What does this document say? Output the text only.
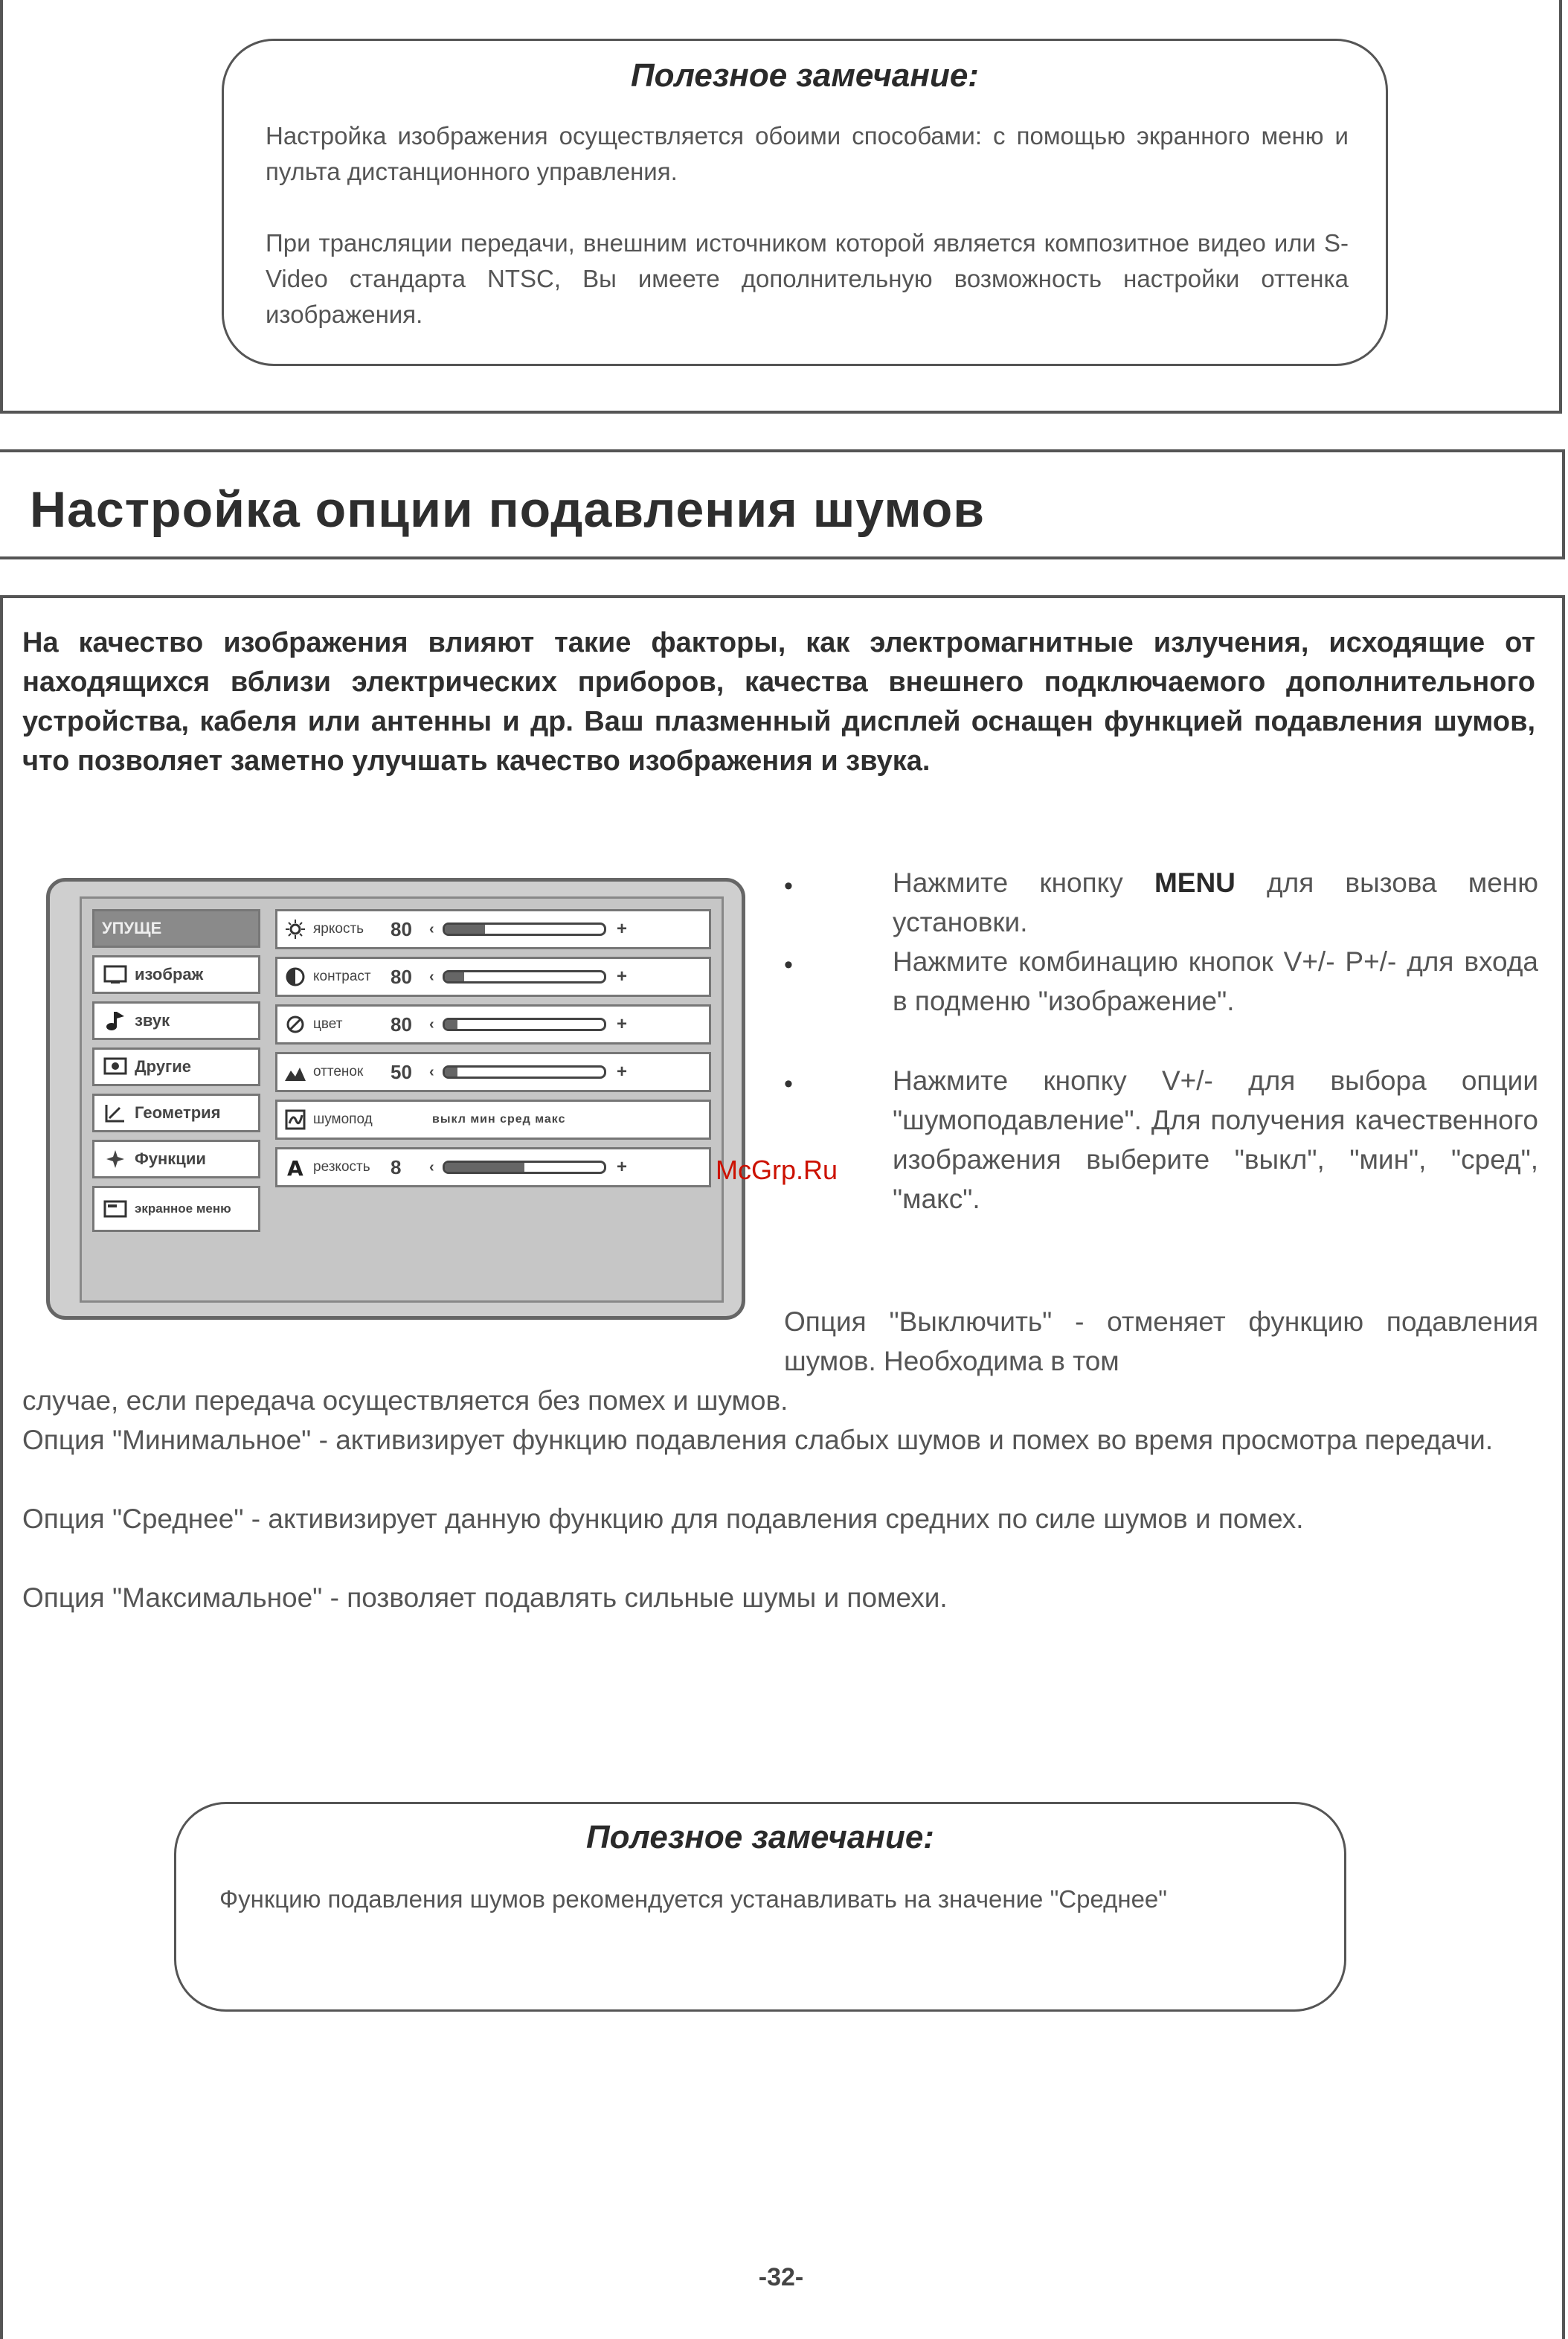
Полезное замечание:
Настройка изображения осуществляется обоими способами: с помощью экранного меню и пульта дистанционного управления.
При трансляции передачи, внешним источником которой является композитное видео или S-Video стандарта NTSC, Вы имеете дополнительную возможность настройки оттенка изображения.
Настройка опции подавления шумов
На качество изображения влияют такие факторы, как электромагнитные излучения, исходящие от находящихся вблизи электрических приборов, качества внешнего подключаемого дополнительного устройства, кабеля или антенны и др. Ваш плазменный дисплей оснащен функцией подавления шумов, что позволяет заметно улучшать качество изображения и звука.
УПУЩЕ
изображ
звук
Другие
Геометрия
Функции
экранное меню
яркость	80	‹	+
контраст	80	‹	+
цвет	80	‹	+
оттенок	50	‹	+
шумопод	выкл мин сред макс
A резкость	8	‹	+
•	Нажмите кнопку MENU для вызова меню установки.
•	Нажмите комбинацию кнопок V+/- P+/- для входа в подменю "изображение".
•	Нажмите кнопку V+/- для выбора опции "шумоподавление". Для получения качественного изображения выберите "выкл", "мин", "сред", "макс".
McGrp.Ru
Опция "Выключить" - отменяет функцию подавления шумов. Необходима в том
случае, если передача осуществляется без помех и шумов.
Опция "Минимальное" - активизирует функцию подавления слабых шумов и помех во время просмотра передачи.
Опция "Среднее" - активизирует данную функцию для подавления средних по силе шумов и помех.
Опция "Максимальное" - позволяет подавлять сильные шумы и помехи.
Полезное замечание:
Функцию подавления шумов рекомендуется устанавливать на значение "Среднее"
-32-
